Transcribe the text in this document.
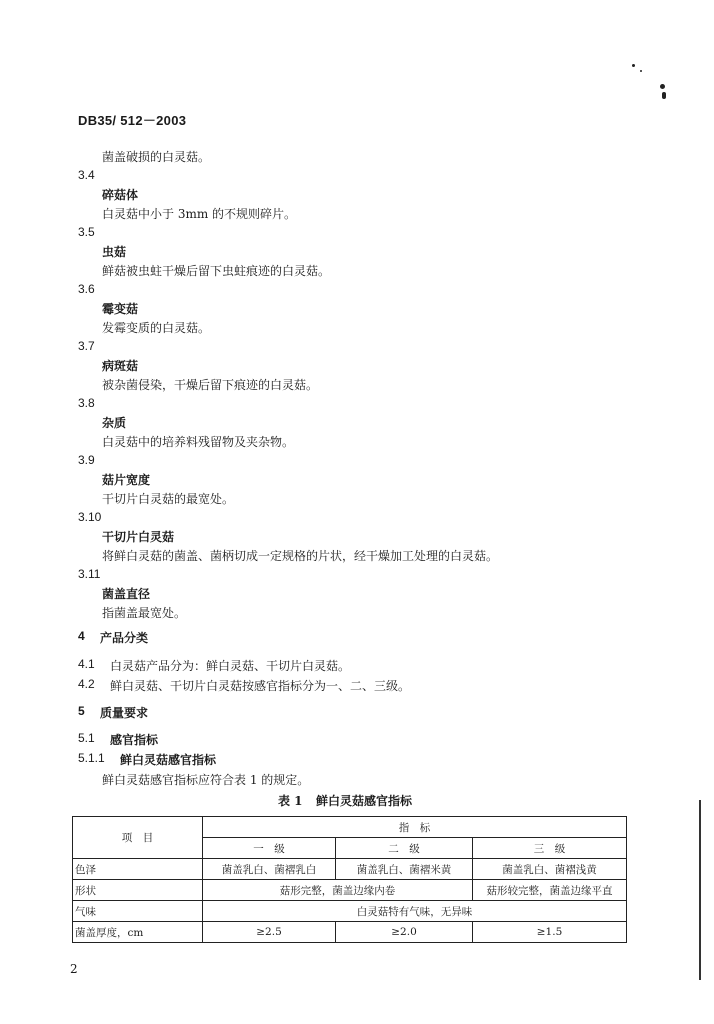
DB35/ 512－2003
菌盖破损的白灵菇。
3.4
碎菇体
白灵菇中小于 3mm 的不规则碎片。
3.5
虫菇
鲜菇被虫蛀干燥后留下虫蛀痕迹的白灵菇。
3.6
霉变菇
发霉变质的白灵菇。
3.7
病斑菇
被杂菌侵染，干燥后留下痕迹的白灵菇。
3.8
杂质
白灵菇中的培养料残留物及夹杂物。
3.9
菇片宽度
干切片白灵菇的最宽处。
3.10
干切片白灵菇
将鲜白灵菇的菌盖、菌柄切成一定规格的片状，经干燥加工处理的白灵菇。
3.11
菌盖直径
指菌盖最宽处。
4 产品分类
4.1 白灵菇产品分为：鲜白灵菇、干切片白灵菇。
4.2 鲜白灵菇、干切片白灵菇按感官指标分为一、二、三级。
5 质量要求
5.1 感官指标
5.1.1 鲜白灵菇感官指标
鲜白灵菇感官指标应符合表 1 的规定。
表 1 鲜白灵菇感官指标
项　目	指　标		
	一　级	二　级	三　级
色泽	菌盖乳白、菌褶乳白	菌盖乳白、菌褶米黄	菌盖乳白、菌褶浅黄
形状	菇形完整，菌盖边缘内卷		菇形较完整，菌盖边缘平直
气味	白灵菇特有气味，无异味		
菌盖厚度，cm	≥2.5	≥2.0	≥1.5
2
